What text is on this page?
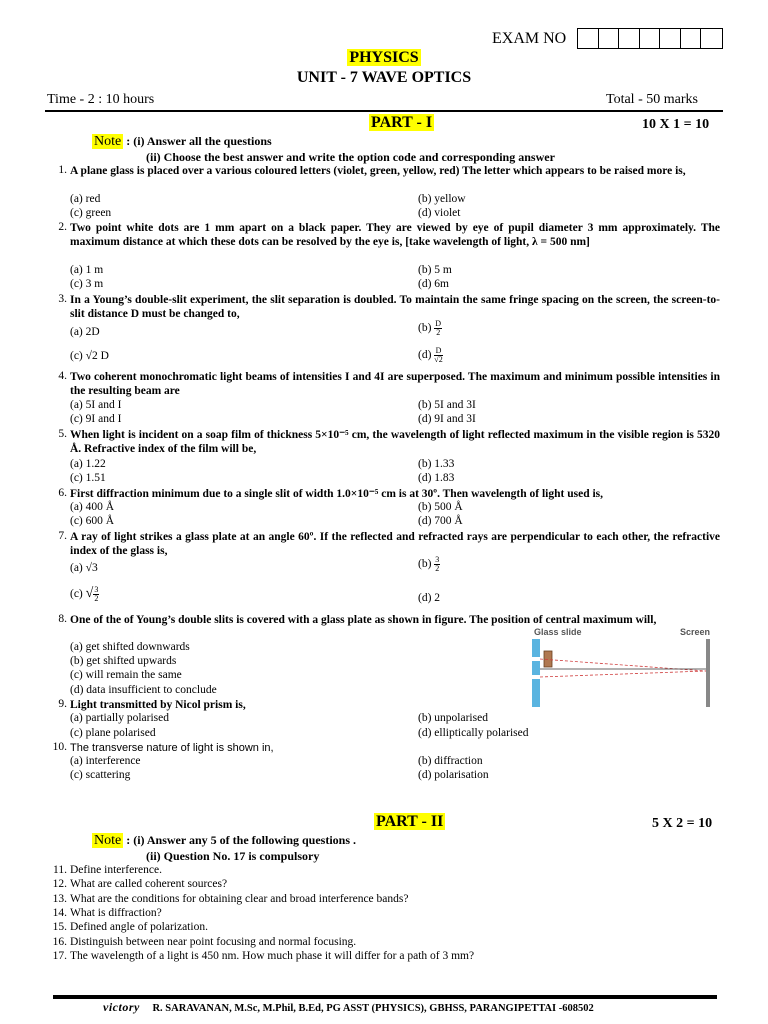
EXAM NO
PHYSICS
UNIT - 7 WAVE OPTICS
Time - 2 : 10 hours	Total - 50 marks
PART - I	10 X 1 = 10
Note : (i) Answer all the questions
(ii) Choose the best answer and write the option code and corresponding answer
1. A plane glass is placed over a various coloured letters (violet, green, yellow, red) The letter which appears to be raised more is,
(a) red	(b) yellow
(c) green	(d) violet
2. Two point white dots are 1 mm apart on a black paper. They are viewed by eye of pupil diameter 3 mm approximately. The maximum distance at which these dots can be resolved by the eye is, [take wavelength of light, λ = 500 nm]
(a) 1 m	(b) 5 m
(c) 3 m	(d) 6m
3. In a Young’s double-slit experiment, the slit separation is doubled. To maintain the same fringe spacing on the screen, the screen-to-slit distance D must be changed to,
(a) 2D	$(b) \frac{D}{2}$
(c) √2 D	$(d) \frac{D}{√2}$
4. Two coherent monochromatic light beams of intensities I and 4I are superposed. The maximum and minimum possible intensities in the resulting beam are
(a) 5I and I	(b) 5I and 3I
(c) 9I and I	(d) 9I and 3I
5. When light is incident on a soap film of thickness 5×10⁻⁵ cm, the wavelength of light reflected maximum in the visible region is 5320 Å. Refractive index of the film will be,
(a) 1.22	(b) 1.33
(c) 1.51	(d) 1.83
6. First diffraction minimum due to a single slit of width 1.0×10⁻⁵ cm is at 30º. Then wavelength of light used is,
(a) 400 Å	(b) 500 Å
(c) 600 Å	(d) 700 Å
7. A ray of light strikes a glass plate at an angle 60º. If the reflected and refracted rays are perpendicular to each other, the refractive index of the glass is,
(a) √3	$(b) \frac{3}{2}$
(c) √ $\frac{3}{2}$	(d) 2
8. One of the of Young’s double slits is covered with a glass plate as shown in figure. The position of central maximum will,
(a) get shifted downwards
(b) get shifted upwards
(c) will remain the same
(d) data insufficient to conclude
Glass slide	Screen
9. Light transmitted by Nicol prism is,
(a) partially polarised	(b) unpolarised
(c) plane polarised	(d) elliptically polarised
10. The transverse nature of light is shown in,
(a) interference	(b) diffraction
(c) scattering	(d) polarisation
PART - II	5 X 2 = 10
Note : (i) Answer any 5 of the following questions .
(ii) Question No. 17 is compulsory
11. Define interference.
12. What are called coherent sources?
13. What are the conditions for obtaining clear and broad interference bands?
14. What is diffraction?
15. Defined angle of polarization.
16. Distinguish between near point focusing and normal focusing.
17. The wavelength of a light is 450 nm. How much phase it will differ for a path of 3 mm?
victory R. SARAVANAN, M.Sc, M.Phil, B.Ed, PG ASST (PHYSICS), GBHSS, PARANGIPETTAI -608502
